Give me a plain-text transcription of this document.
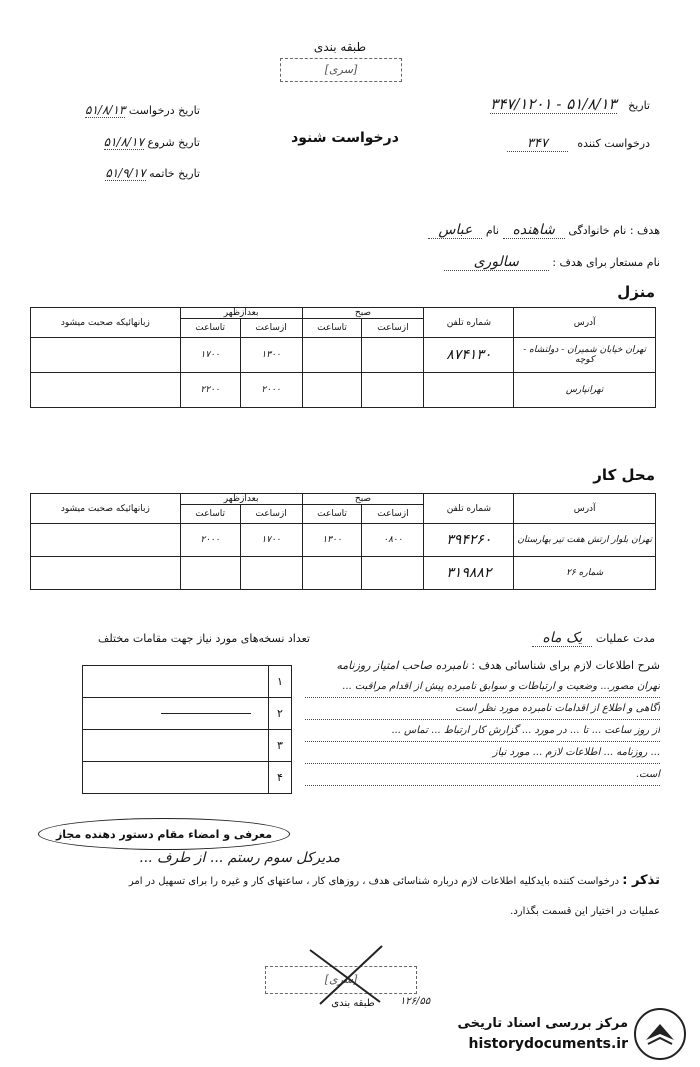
طبقه بندی
[سری]
تاریخ ۵۱/۸/۱۳ - ۳۴۷/۱۲۰۱
درخواست کننده ۳۴۷
درخواست شنود
تاریخ درخواست ۵۱/۸/۱۳
تاریخ شروع ۵۱/۸/۱۷
تاریخ خاتمه ۵۱/۹/۱۷
هدف : نام خانوادگی شاهنده نام عباس
نام مستعار برای هدف : سالوری
منزل
آدرس	شماره تلفن	صبح		بعدازظهر		زبانهائیکه صحبت میشود
		ازساعت	تاساعت	ازساعت	تاساعت	
تهران خیابان شمیران - دولتشاه - کوچه	۸۷۴۱۳۰			۱۳۰۰	۱۷۰۰	
تهرانپارس				۲۰۰۰	۲۲۰۰	
محل کار
آدرس	شماره تلفن	صبح		بعدازظهر		زبانهائیکه صحبت میشود
		ازساعت	تاساعت	ازساعت	تاساعت	
تهران بلوار ارتش هفت تیر بهارستان	۳۹۴۲۶۰	۰۸۰۰	۱۳۰۰	۱۷۰۰	۲۰۰۰	
شماره ۲۶	۳۱۹۸۸۲					
مدت عملیات یک ماه
تعداد نسخه‌های مورد نیاز جهت مقامات مختلف
۱
۲
۳
۴
شرح اطلاعات لازم برای شناسائی هدف : نامبرده صاحب امتیاز روزنامه
تهران مصور... وضعیت و ارتباطات و سوابق نامبرده پیش از اقدام مراقبت ...
آگاهی و اطلاع از اقدامات نامبرده مورد نظر است
از روز ساعت ... تا ... در مورد ... گزارش کار ارتباط ... تماس ...
... روزنامه ... اطلاعات لازم ... مورد نیاز
است.
معرفی و امضاء مقام دستور دهنده مجاز
مدیرکل سوم رستم ... از طرف ...
تذکر : درخواست کننده بایدکلیه اطلاعات لازم درباره شناسائی هدف ، روزهای کار ، ساعتهای کار و غیره را برای تسهیل در امر
عملیات در اختیار این قسمت بگذارد.
[سری]
طبقه بندی	۱۲۶/۵۵
مرکز بررسی اسناد تاریخی
historydocuments.ir
